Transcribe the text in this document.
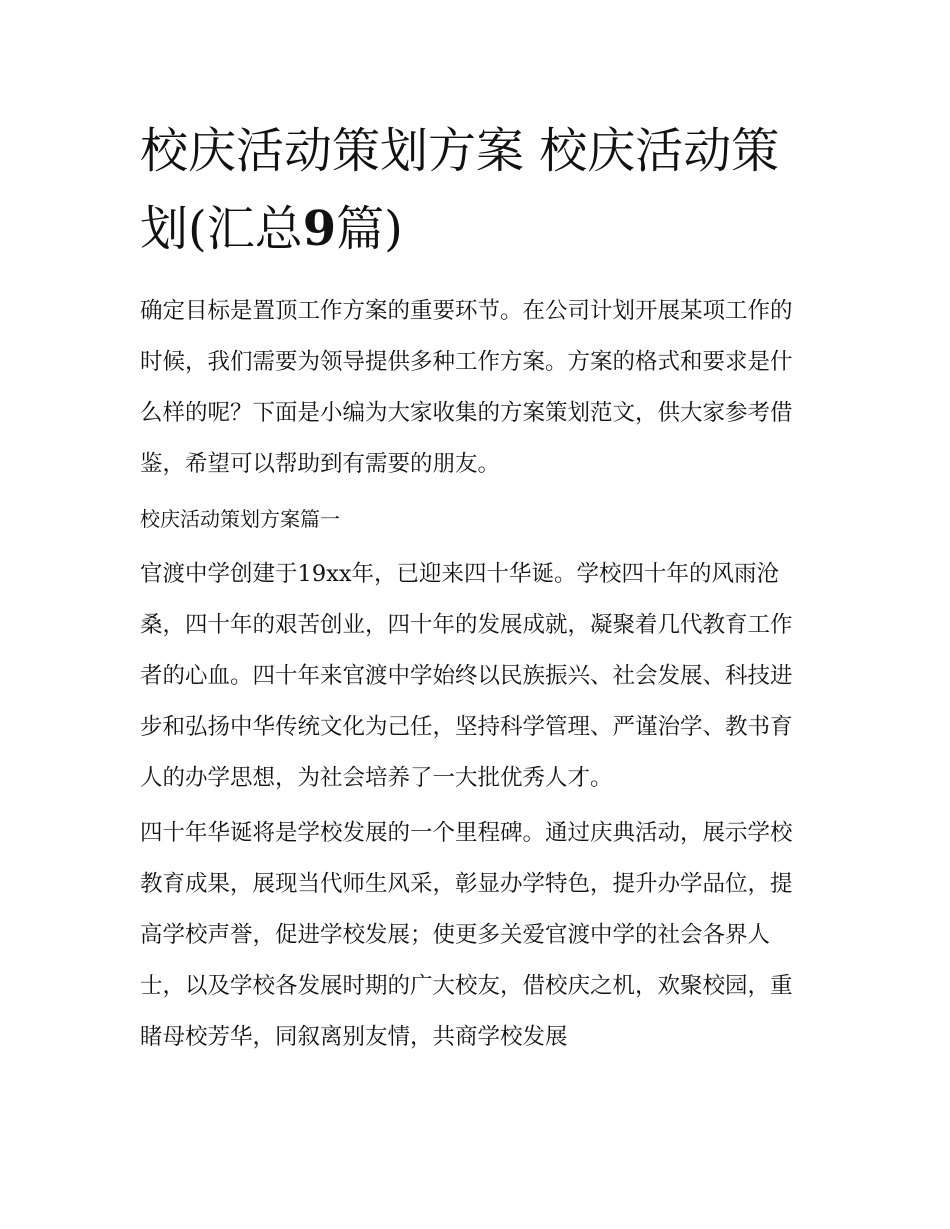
校庆活动策划方案 校庆活动策划(汇总9篇)

确定目标是置顶工作方案的重要环节。在公司计划开展某项工作的时候，我们需要为领导提供多种工作方案。方案的格式和要求是什么样的呢？下面是小编为大家收集的方案策划范文，供大家参考借鉴，希望可以帮助到有需要的朋友。

校庆活动策划方案篇一

官渡中学创建于19xx年，已迎来四十华诞。学校四十年的风雨沧桑，四十年的艰苦创业，四十年的发展成就，凝聚着几代教育工作者的心血。四十年来官渡中学始终以民族振兴、社会发展、科技进步和弘扬中华传统文化为己任，坚持科学管理、严谨治学、教书育人的办学思想，为社会培养了一大批优秀人才。

四十年华诞将是学校发展的一个里程碑。通过庆典活动，展示学校教育成果，展现当代师生风采，彰显办学特色，提升办学品位，提高学校声誉，促进学校发展；使更多关爱官渡中学的社会各界人士，以及学校各发展时期的广大校友，借校庆之机，欢聚校园，重睹母校芳华，同叙离别友情，共商学校发展
